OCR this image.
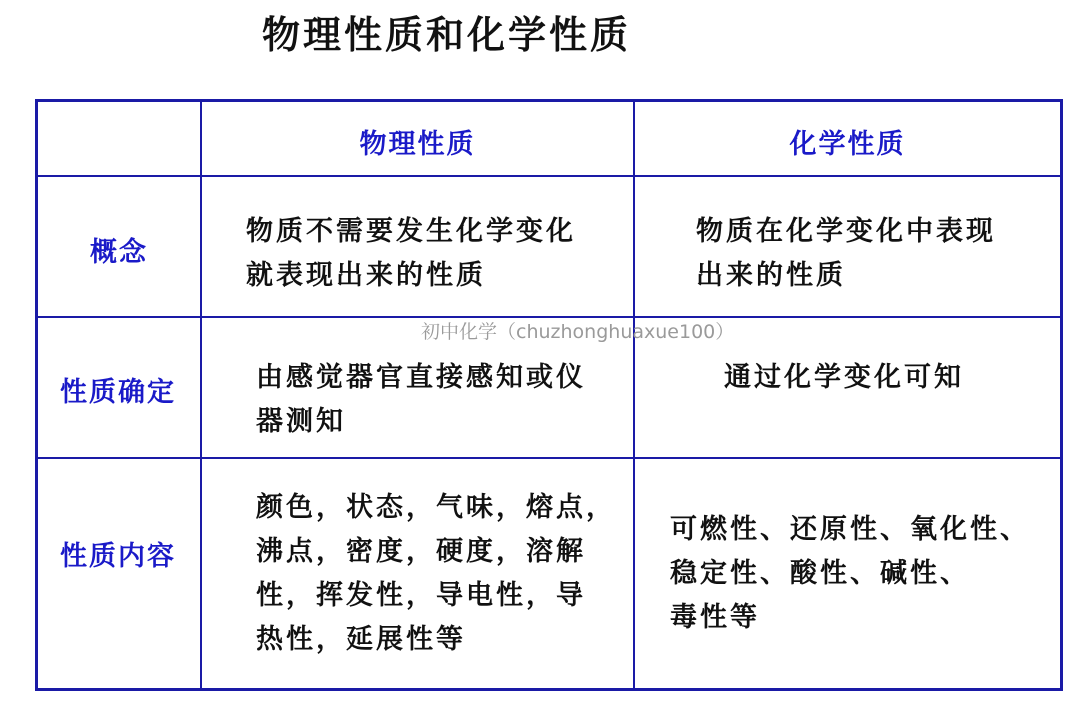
物理性质和化学性质
物理性质	化学性质
概念
物质不需要发生化学变化
就表现出来的性质
物质在化学变化中表现
出来的性质
性质确定	由感觉器官直接感知或仪
器测知
通过化学变化可知
性质内容
颜色，状态，气味，熔点，
沸点，密度，硬度，溶解
性，挥发性，导电性，导
热性，延展性等
可燃性、还原性、氧化性、
稳定性、酸性、碱性、
毒性等
初中化学（chuzhonghuaxue100）
